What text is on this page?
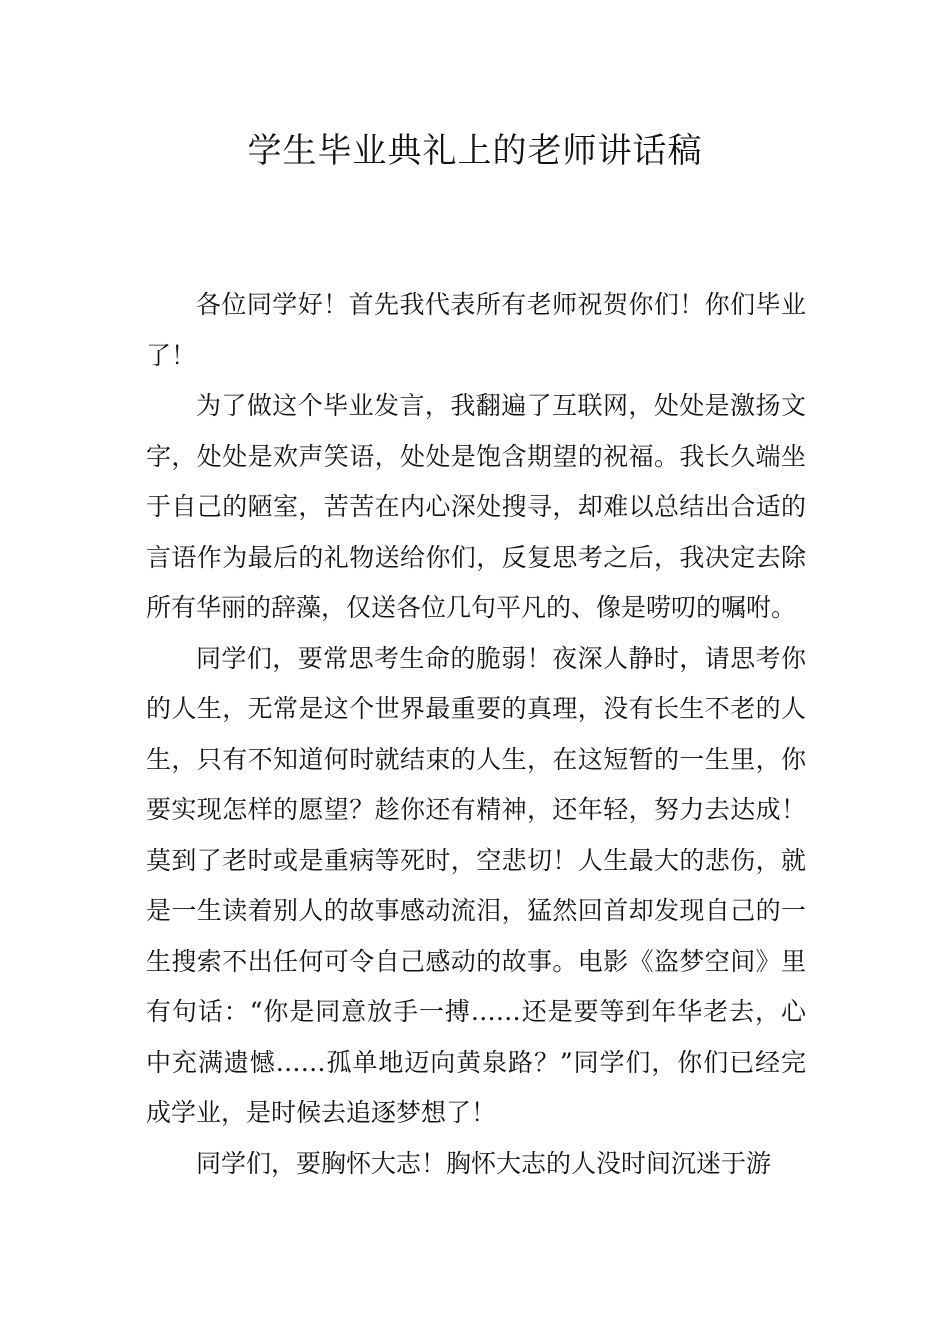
学生毕业典礼上的老师讲话稿

各位同学好！首先我代表所有老师祝贺你们！你们毕业了！

为了做这个毕业发言，我翻遍了互联网，处处是激扬文字，处处是欢声笑语，处处是饱含期望的祝福。我长久端坐于自己的陋室，苦苦在内心深处搜寻，却难以总结出合适的言语作为最后的礼物送给你们，反复思考之后，我决定去除所有华丽的辞藻，仅送各位几句平凡的、像是唠叨的嘱咐。

同学们，要常思考生命的脆弱！夜深人静时，请思考你的人生，无常是这个世界最重要的真理，没有长生不老的人生，只有不知道何时就结束的人生，在这短暂的一生里，你要实现怎样的愿望？趁你还有精神，还年轻，努力去达成！莫到了老时或是重病等死时，空悲切！人生最大的悲伤，就是一生读着别人的故事感动流泪，猛然回首却发现自己的一生搜索不出任何可令自己感动的故事。电影《盗梦空间》里有句话：“你是同意放手一搏……还是要等到年华老去，心中充满遗憾……孤单地迈向黄泉路？”同学们，你们已经完成学业，是时候去追逐梦想了！

同学们，要胸怀大志！胸怀大志的人没时间沉迷于游
